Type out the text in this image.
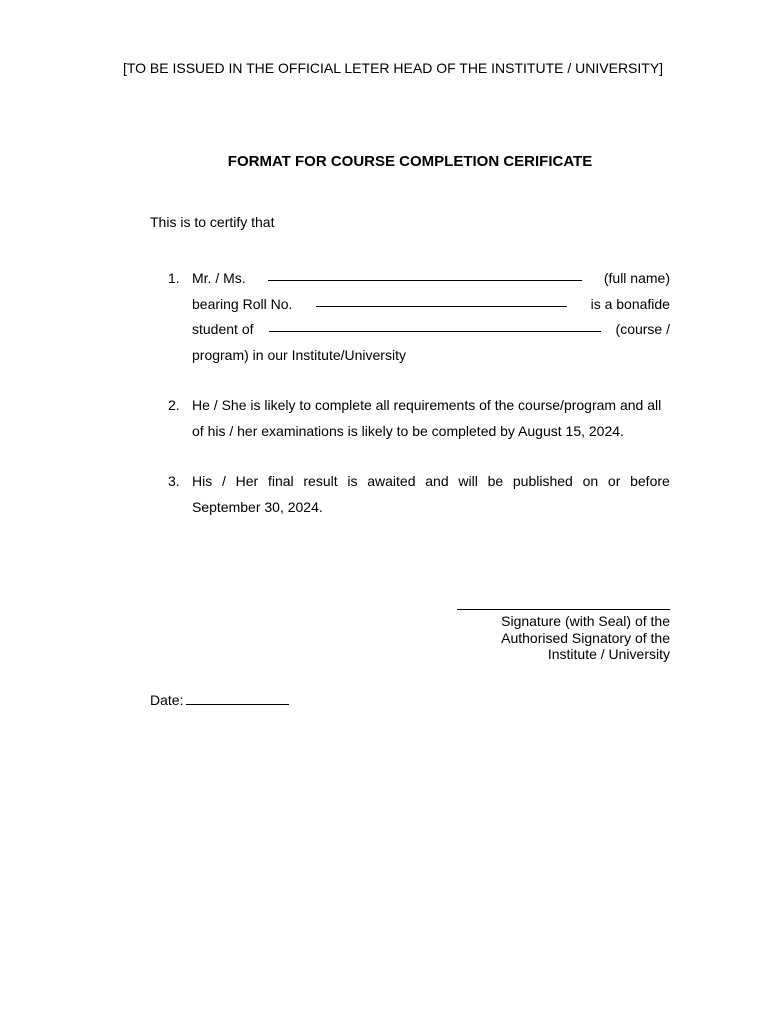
[TO BE ISSUED IN THE OFFICIAL LETER HEAD OF THE INSTITUTE / UNIVERSITY]
FORMAT FOR COURSE COMPLETION CERIFICATE
This is to certify that
1. Mr. / Ms.	(full name)
bearing Roll No.	is a bonafide
student of	(course /
program) in our Institute/University
2. He / She is likely to complete all requirements of the course/program and all
of his / her examinations is likely to be completed by August 15, 2024.
3. His / Her final result is awaited and will be published on or before
September 30, 2024.
Signature (with Seal) of the
Authorised Signatory of the
Institute / University
Date:
